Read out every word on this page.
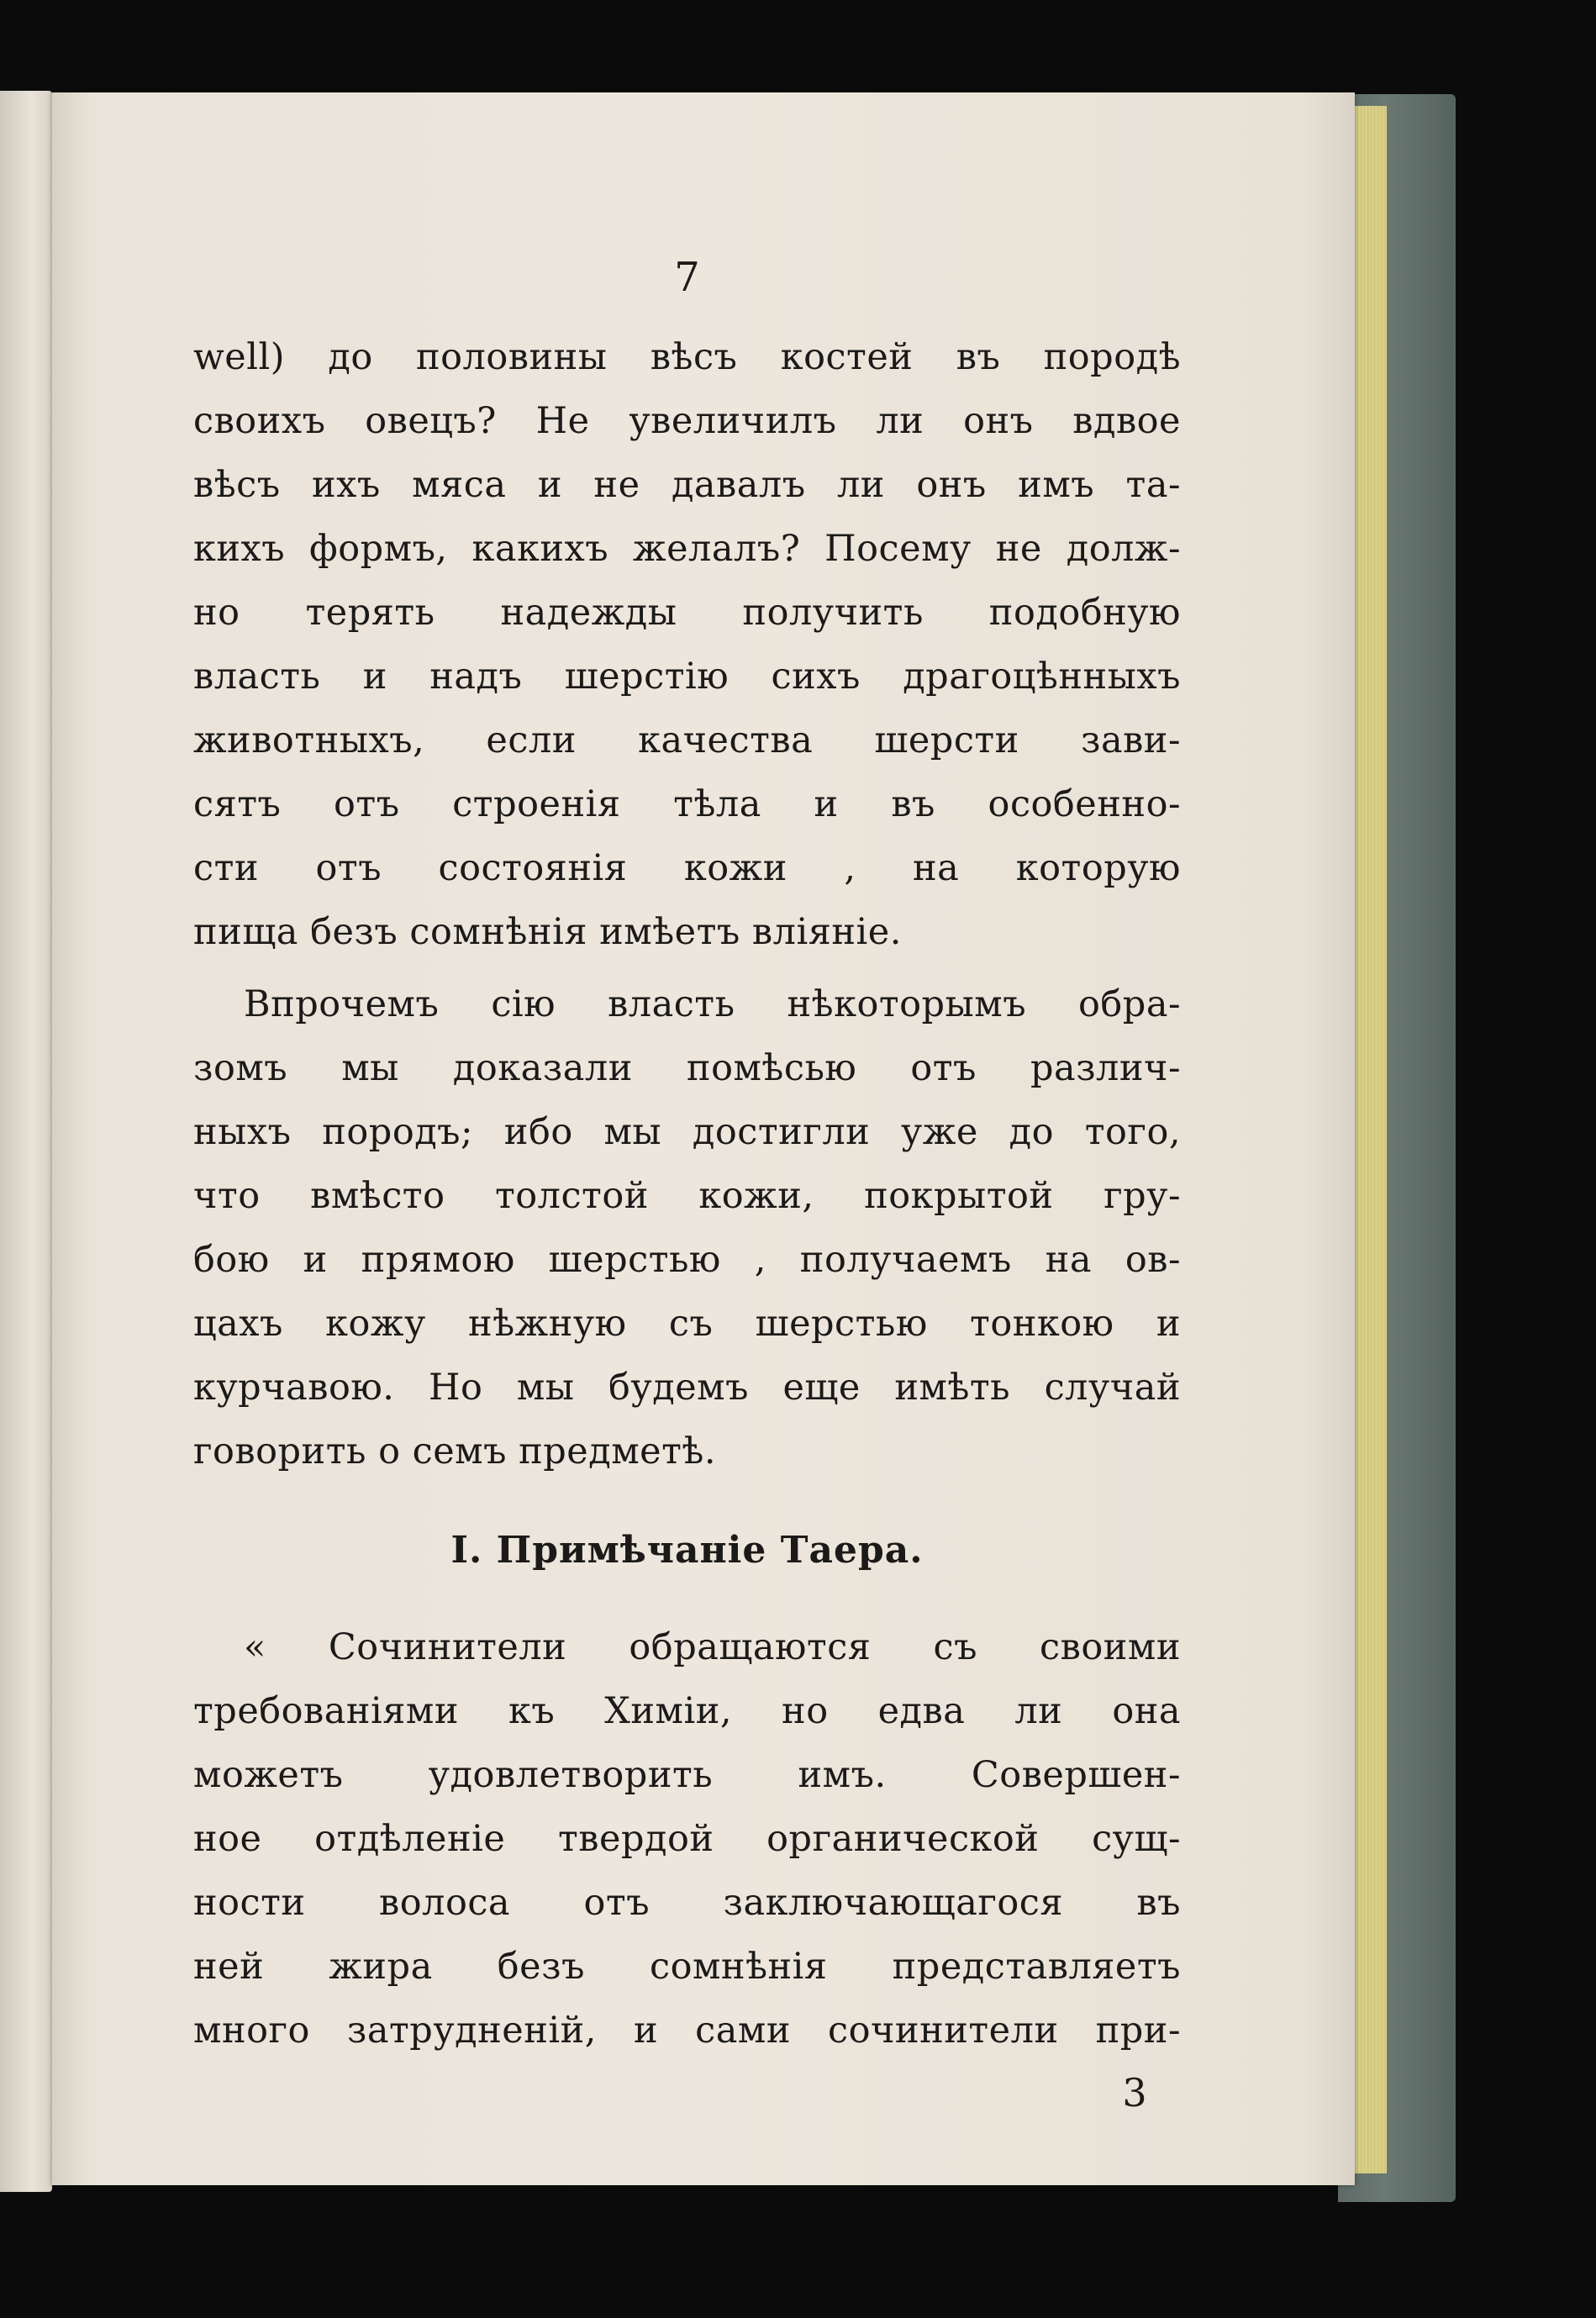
7
well) до половины вѣсъ костей въ породѣ
своихъ овецъ? Не увеличилъ ли онъ вдвое
вѣсъ ихъ мяса и не давалъ ли онъ имъ та-
кихъ формъ, какихъ желалъ? Посему не долж-
но терять надежды получить подобную
власть и надъ шерстію сихъ драгоцѣнныхъ
животныхъ, если качества шерсти зави-
сятъ отъ строенія тѣла и въ особенно-
сти отъ состоянія кожи , на которую
пища безъ сомнѣнія имѣетъ вліяніе.
Впрочемъ сію власть нѣкоторымъ обра-
зомъ мы доказали помѣсью отъ различ-
ныхъ породъ; ибо мы достигли уже до того,
что вмѣсто толстой кожи, покрытой гру-
бою и прямою шерстью , получаемъ на ов-
цахъ кожу нѣжную съ шерстью тонкою и
курчавою. Но мы будемъ еще имѣть случай
говорить о семъ предметѣ.
I. Примѣчаніе Таера.
« Сочинители обращаются съ своими
требованіями къ Химіи, но едва ли она
можетъ удовлетворить имъ. Совершен-
ное отдѣленіе твердой органической сущ-
ности волоса отъ заключающагося въ
ней жира безъ сомнѣнія представляетъ
много затрудненій, и сами сочинители при-
3
